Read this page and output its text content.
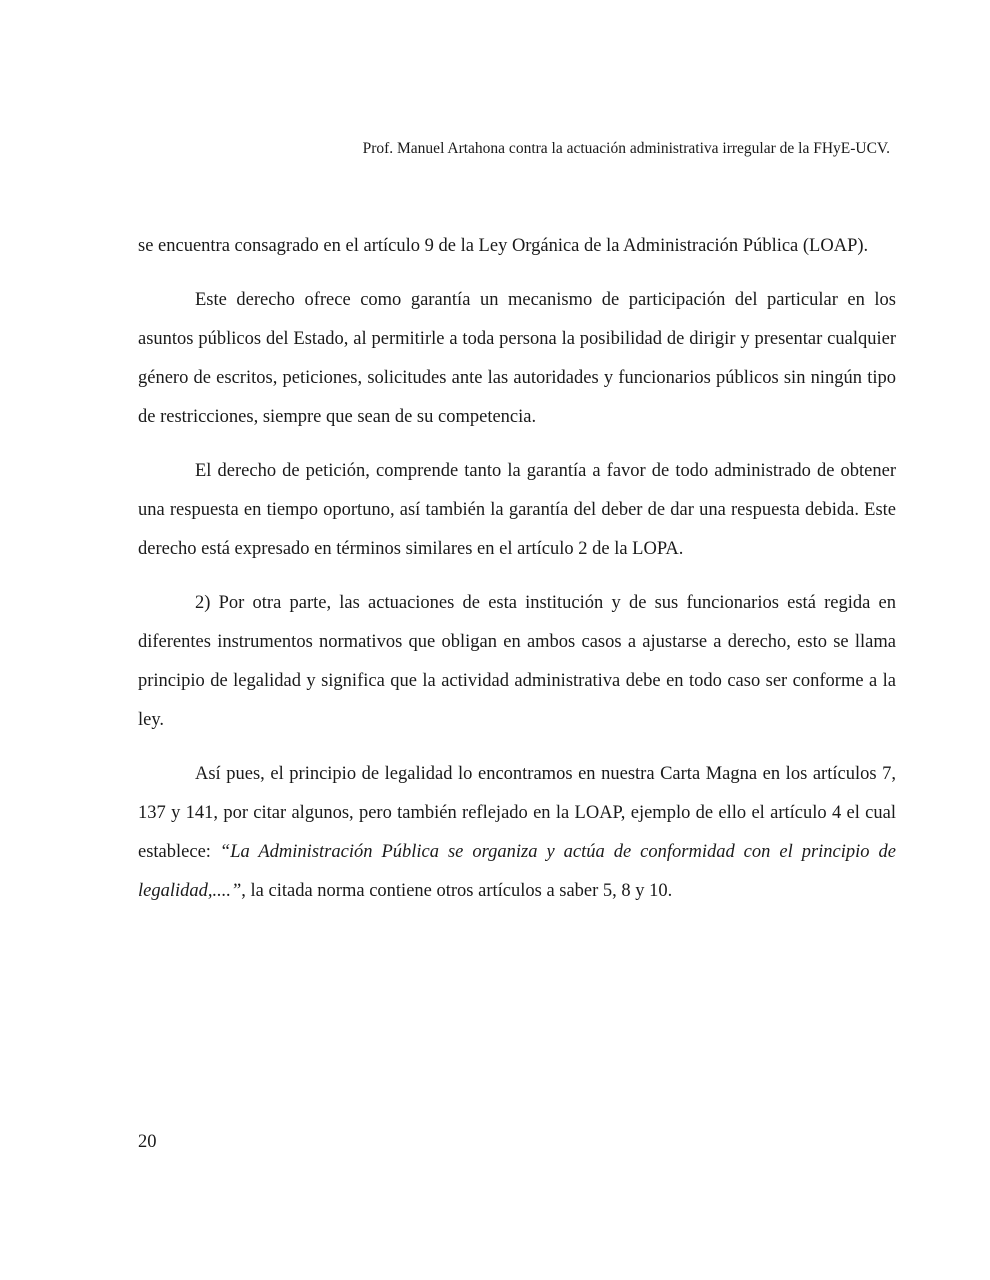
Prof. Manuel Artahona contra la actuación administrativa irregular de la FHyE-UCV.

se encuentra consagrado en el artículo 9 de la Ley Orgánica de la Administración Pública (LOAP).

Este derecho ofrece como garantía un mecanismo de participación del particular en los asuntos públicos del Estado, al permitirle a toda persona la posibilidad de dirigir y presentar cualquier género de escritos, peticiones, solicitudes ante las autoridades y funcionarios públicos sin ningún tipo de restricciones, siempre que sean de su competencia.

El derecho de petición, comprende tanto la garantía a favor de todo administrado de obtener una respuesta en tiempo oportuno, así también la garantía del deber de dar una respuesta debida. Este derecho está expresado en términos similares en el artículo 2 de la LOPA.

2) Por otra parte, las actuaciones de esta institución y de sus funcionarios está regida en diferentes instrumentos normativos que obligan en ambos casos a ajustarse a derecho, esto se llama principio de legalidad y significa que la actividad administrativa debe en todo caso ser conforme a la ley.

Así pues, el principio de legalidad lo encontramos en nuestra Carta Magna en los artículos 7, 137 y 141, por citar algunos, pero también reflejado en la LOAP, ejemplo de ello el artículo 4 el cual establece: “La Administración Pública se organiza y actúa de conformidad con el principio de legalidad,....”, la citada norma contiene otros artículos a saber 5, 8 y 10.

20
